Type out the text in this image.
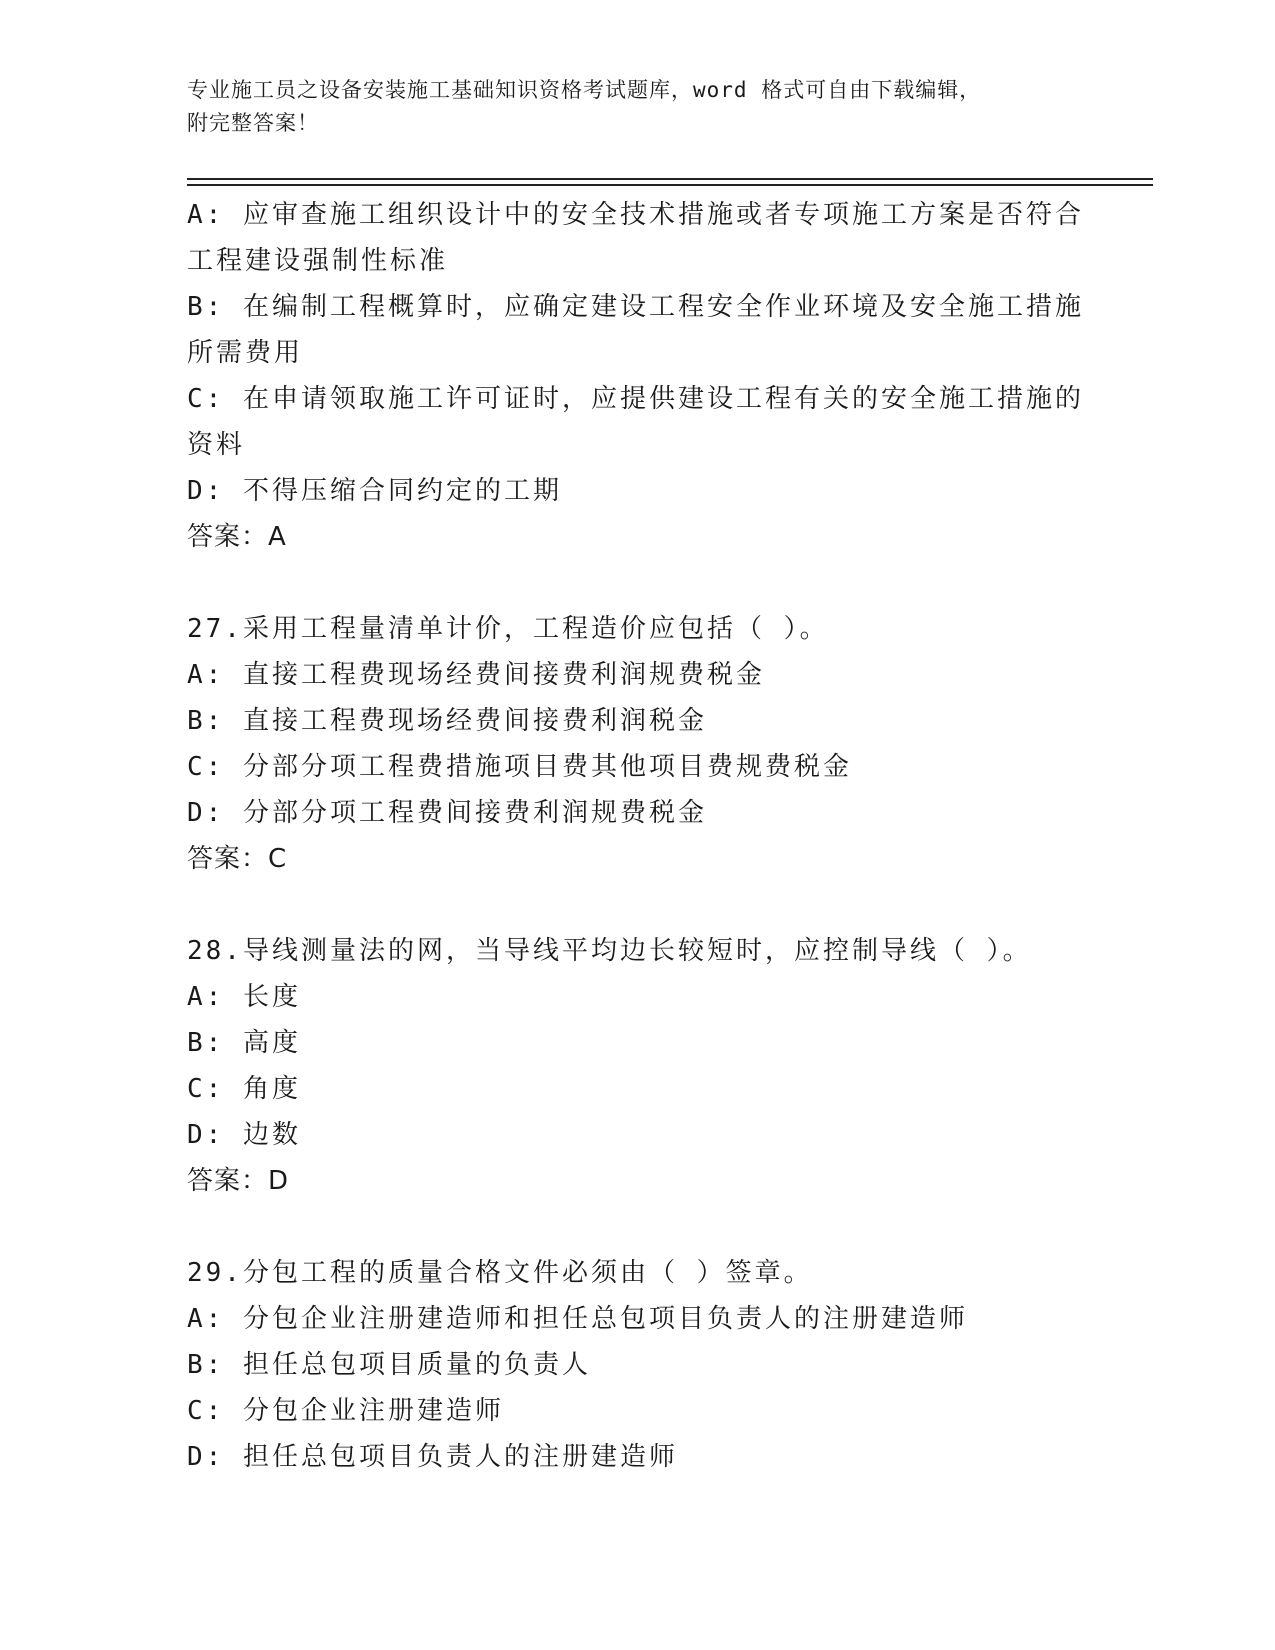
专业施工员之设备安装施工基础知识资格考试题库，word 格式可自由下载编辑，
附完整答案！
A: 应审查施工组织设计中的安全技术措施或者专项施工方案是否符合
工程建设强制性标准
B: 在编制工程概算时，应确定建设工程安全作业环境及安全施工措施
所需费用
C: 在申请领取施工许可证时，应提供建设工程有关的安全施工措施的
资料
D: 不得压缩合同约定的工期
答案：A
27.采用工程量清单计价，工程造价应包括（ ）。
A: 直接工程费现场经费间接费利润规费税金
B: 直接工程费现场经费间接费利润税金
C: 分部分项工程费措施项目费其他项目费规费税金
D: 分部分项工程费间接费利润规费税金
答案：C
28.导线测量法的网，当导线平均边长较短时，应控制导线（ ）。
A: 长度
B: 高度
C: 角度
D: 边数
答案：D
29.分包工程的质量合格文件必须由（ ）签章。
A: 分包企业注册建造师和担任总包项目负责人的注册建造师
B: 担任总包项目质量的负责人
C: 分包企业注册建造师
D: 担任总包项目负责人的注册建造师
